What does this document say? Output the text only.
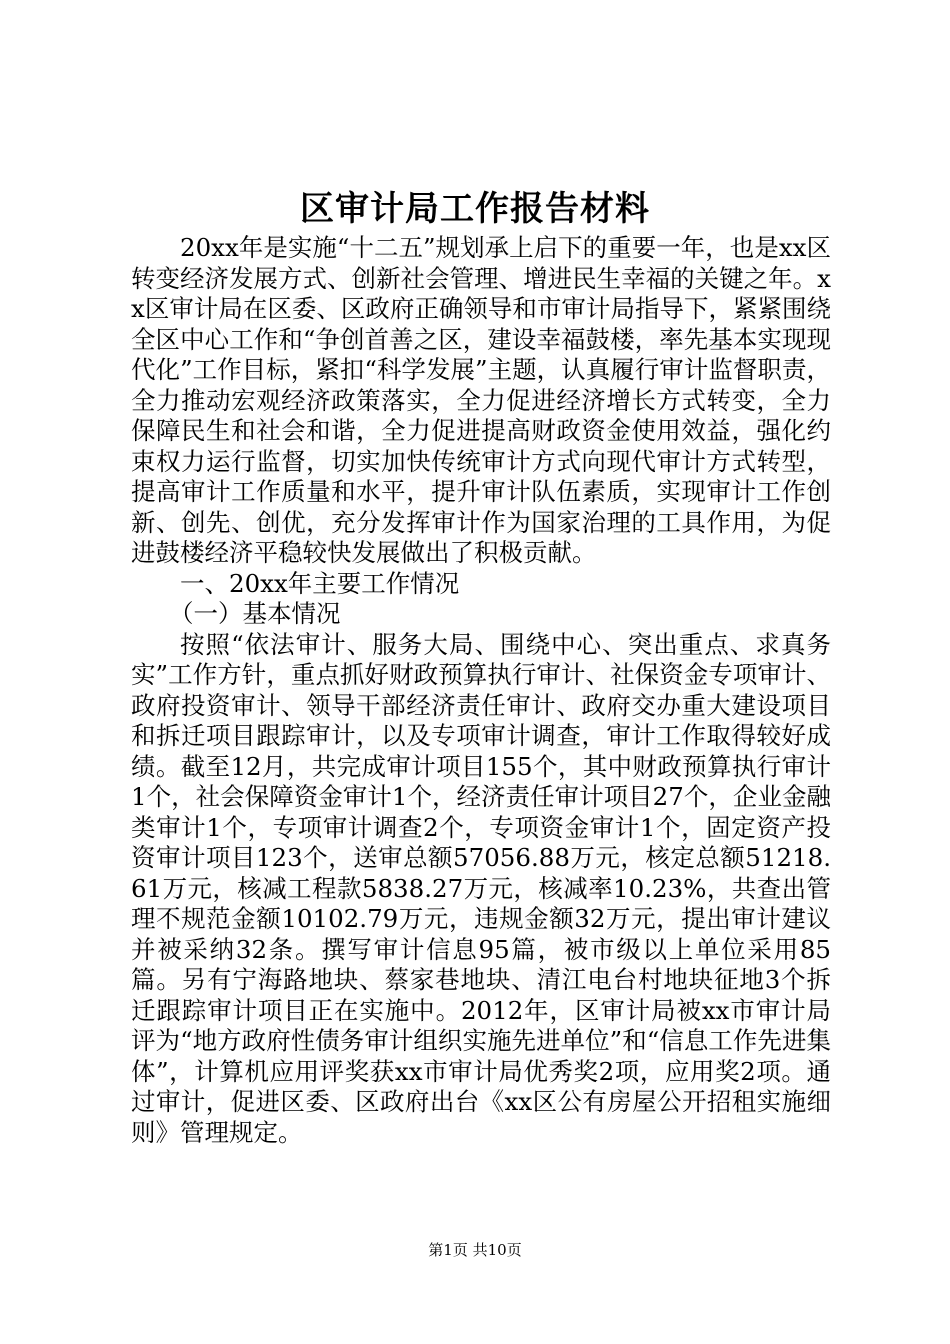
区审计局工作报告材料

20xx年是实施“十二五”规划承上启下的重要一年，也是xx区转变经济发展方式、创新社会管理、增进民生幸福的关键之年。xx区审计局在区委、区政府正确领导和市审计局指导下，紧紧围绕全区中心工作和“争创首善之区，建设幸福鼓楼，率先基本实现现代化”工作目标，紧扣“科学发展”主题，认真履行审计监督职责，全力推动宏观经济政策落实，全力促进经济增长方式转变，全力保障民生和社会和谐，全力促进提高财政资金使用效益，强化约束权力运行监督，切实加快传统审计方式向现代审计方式转型，提高审计工作质量和水平，提升审计队伍素质，实现审计工作创新、创先、创优，充分发挥审计作为国家治理的工具作用，为促进鼓楼经济平稳较快发展做出了积极贡献。

一、20xx年主要工作情况

（一）基本情况

按照“依法审计、服务大局、围绕中心、突出重点、求真务实”工作方针，重点抓好财政预算执行审计、社保资金专项审计、政府投资审计、领导干部经济责任审计、政府交办重大建设项目和拆迁项目跟踪审计，以及专项审计调查，审计工作取得较好成绩。截至12月，共完成审计项目155个，其中财政预算执行审计1个，社会保障资金审计1个，经济责任审计项目27个，企业金融类审计1个，专项审计调查2个，专项资金审计1个，固定资产投资审计项目123个，送审总额57056.88万元，核定总额51218.61万元，核减工程款5838.27万元，核减率10.23%，共查出管理不规范金额10102.79万元，违规金额32万元，提出审计建议并被采纳32条。撰写审计信息95篇，被市级以上单位采用85篇。另有宁海路地块、蔡家巷地块、清江电台村地块征地3个拆迁跟踪审计项目正在实施中。2012年，区审计局被xx市审计局评为“地方政府性债务审计组织实施先进单位”和“信息工作先进集体”，计算机应用评奖获xx市审计局优秀奖2项，应用奖2项。通过审计，促进区委、区政府出台《xx区公有房屋公开招租实施细则》管理规定。

第1页 共10页
